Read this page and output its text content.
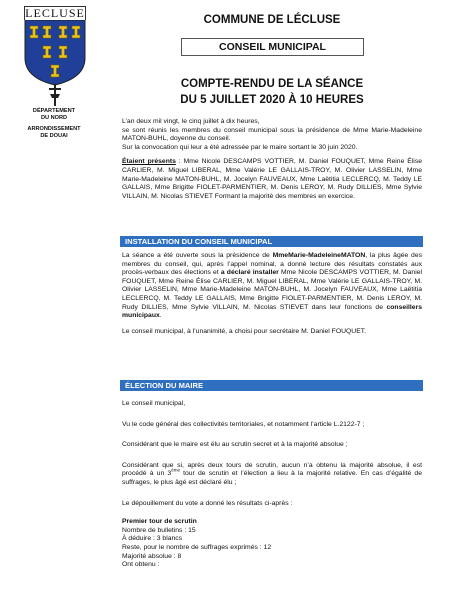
LECLUSE
DÉPARTEMENT
DU NORD
ARRONDISSEMENT
DE DOUAI
COMMUNE DE LÉCLUSE
CONSEIL MUNICIPAL
COMPTE-RENDU DE LA SÉANCE
DU 5 JUILLET 2020 À 10 HEURES

L’an deux mil vingt, le cinq juillet à dix heures,

se sont réunis les membres du conseil municipal sous la présidence de Mme Marie-Madeleine MATON-BUHL, doyenne du conseil.

Sur la convocation qui leur a été adressée par le maire sortant le 30 juin 2020.

Étaient présents : Mme Nicole DESCAMPS VOTTIER, M. Daniel FOUQUET, Mme Reine Élise CARLIER, M. Miguel LIBERAL, Mme Valérie LE GALLAIS-TROY, M. Olivier LASSELIN, Mme Marie-Madeleine MATON-BUHL, M. Jocelyn FAUVEAUX, Mme Laëtitia LECLERCQ, M. Teddy LE GALLAIS, Mme Brigitte FIOLET-PARMENTIER, M. Denis LEROY, M. Rudy DILLIES, Mme Sylvie VILLAIN, M. Nicolas STIEVET Formant la majorité des membres en exercice.

INSTALLATION DU CONSEIL MUNICIPAL

La séance a été ouverte sous la présidence de MmeMarie-MadeleineMATON, la plus âgée des membres du conseil, qui, après l’appel nominal, a donné lecture des résultats constatés aux procès-verbaux des élections et a déclaré installer Mme Nicole DESCAMPS VOTTIER, M. Daniel FOUQUET, Mme Reine Élise CARLIER, M. Miguel LIBERAL, Mme Valérie LE GALLAIS-TROY, M. Olivier LASSELIN, Mme Marie-Madeleine MATON-BUHL, M. Jocelyn FAUVEAUX, Mme Laëtitia LECLERCQ, M. Teddy LE GALLAIS, Mme Brigitte FIOLET-PARMENTIER, M. Denis LEROY, M. Rudy DILLIES, Mme Sylvie VILLAIN, M. Nicolas STIEVET dans leur fonctions de conseillers municipaux.

Le conseil municipal, à l’unanimité, a choisi pour secrétaire M. Daniel FOUQUET.

ÉLECTION DU MAIRE

Le conseil municipal,

Vu le code général des collectivités territoriales, et notamment l’article L.2122-7 ;

Considérant que le maire est élu au scrutin secret et à la majorité absolue ;

Considérant que si, après deux tours de scrutin, aucun n’a obtenu la majorité absolue, il est procédé à un 3ème tour de scrutin et l’élection a lieu à la majorité relative. En cas d’égalité de suffrages, le plus âgé est déclaré élu ;

Le dépouillement du vote a donné les résultats ci-après :

Premier tour de scrutin

Nombre de bulletins : 15

À déduire : 3 blancs

Reste, pour le nombre de suffrages exprimés : 12

Majorité absolue : 8

Ont obtenu :
